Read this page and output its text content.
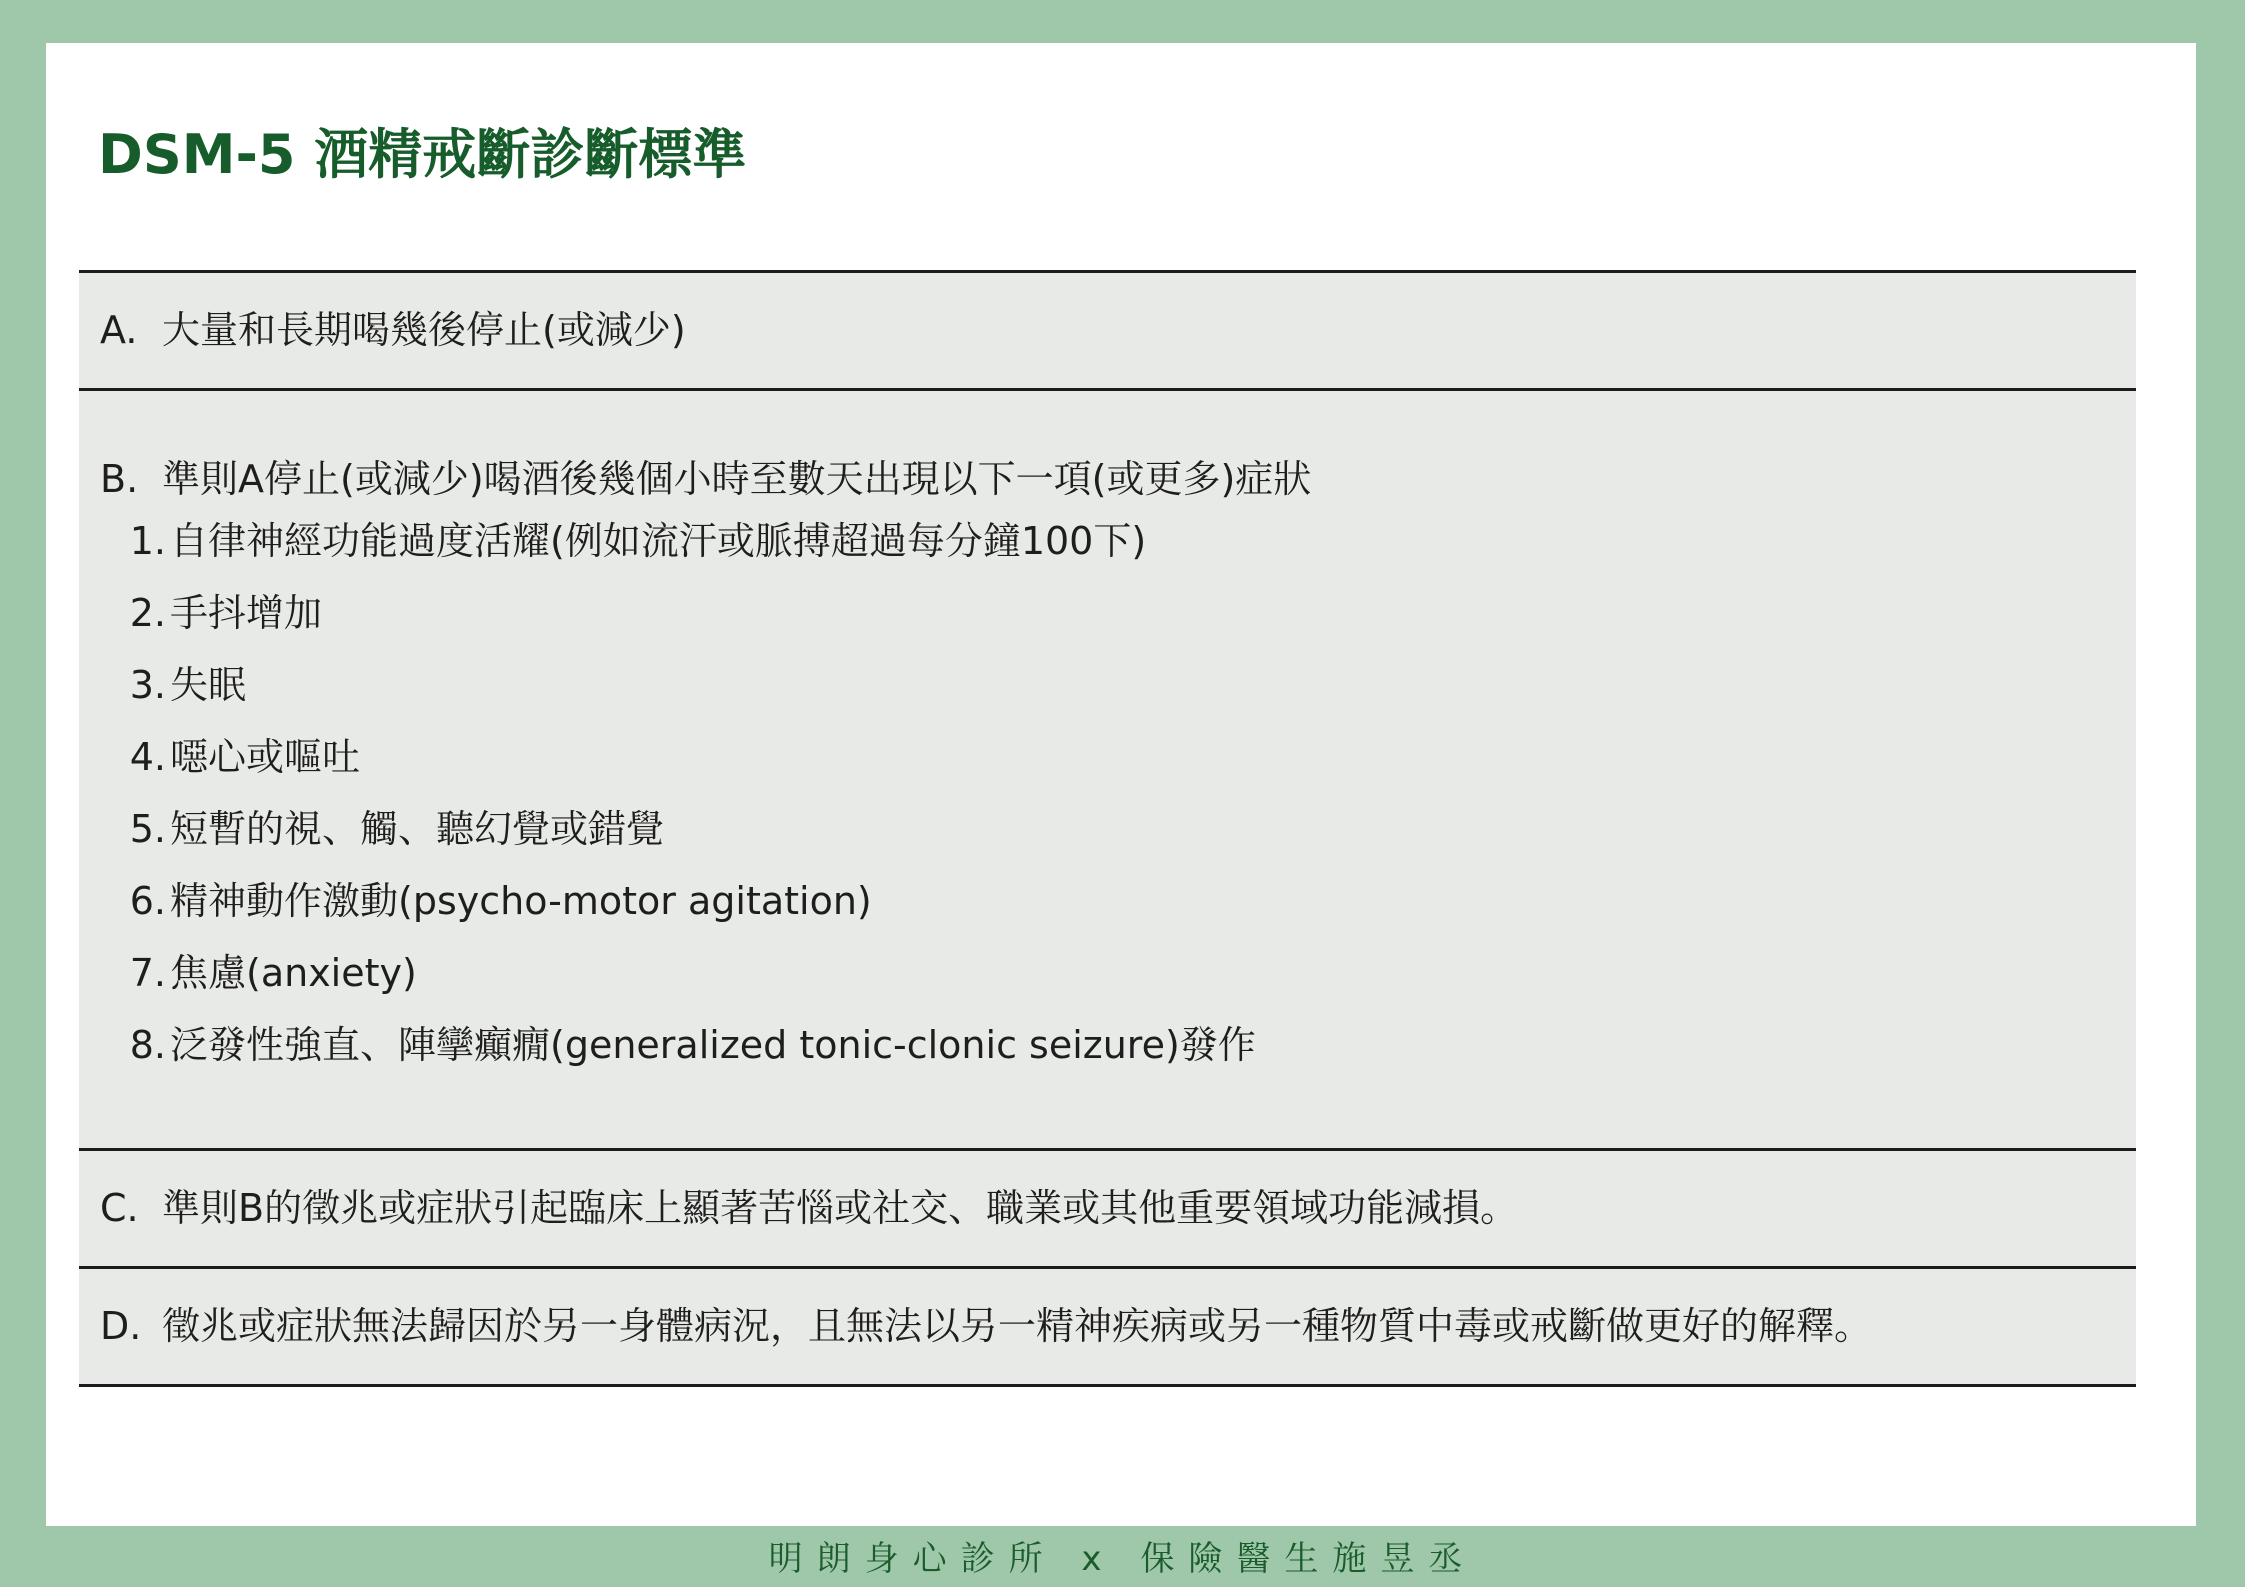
DSM-5 酒精戒斷診斷標準
A. 大量和長期喝幾後停止(或減少)
B. 準則A停止(或減少)喝酒後幾個小時至數天出現以下一項(或更多)症狀
1. 自律神經功能過度活耀(例如流汗或脈搏超過每分鐘100下)
2. 手抖增加
3. 失眠
4. 噁心或嘔吐
5. 短暫的視、觸、聽幻覺或錯覺
6. 精神動作激動(psycho-motor agitation)
7. 焦慮(anxiety)
8. 泛發性強直、陣攣癲癇(generalized tonic-clonic seizure)發作
C. 準則B的徵兆或症狀引起臨床上顯著苦惱或社交、職業或其他重要領域功能減損。
D. 徵兆或症狀無法歸因於另一身體病況，且無法以另一精神疾病或另一種物質中毒或戒斷做更好的解釋。
明朗身心診所 x 保險醫生施昱丞
